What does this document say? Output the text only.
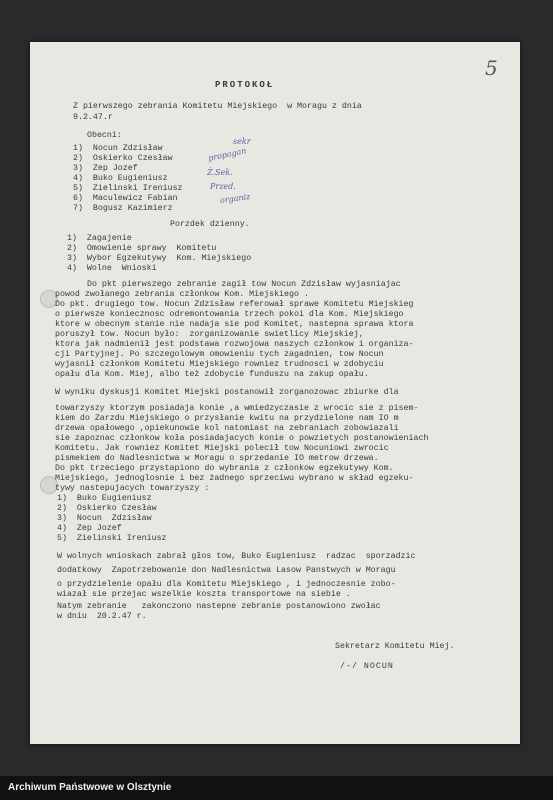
5
PROTOKOŁ
Z pierwszego zebrania Komitetu Miejskiego  w Moragu z dnia
9.2.47.r
Obecni:
1)  Nocun Zdzisław
2)  Oskierko Czesław
3)  Zep Jozef
4)  Buko Eugieniusz
5)  Zielinski Ireniusz
6)  Maculewicz Fabian
7)  Bogusz Kazimierz
sekr
propagan
Ż.Sek.
Przed.
organiz
Porzdek dzienny.
1)  Zagajenie
2)  Omowienie sprawy  Komitetu
3)  Wybor Egzekutywy  Kom. Miejskiego
4)  Wolne  Wnioski
Do pkt pierwszego zebranie zagił tow Nocun Zdzisław wyjasniajac
powod zwołanego zebrania członkow Kom. Miejskiego .
Do pkt. drugiego tow. Nocun Zdzisław referował sprawe Komitetu Miejskieg
o pierwsze koniecznosc odremontowania trzech pokoi dla Kom. Miejskiego
ktore w obecnym stanie nie nadaja sie pod Komitet, nastepna sprawa ktora
poruszył tow. Nocun było:  zorganizowanie swietlicy Miejskiej,
ktora jak nadmienił jest podstawa rozwojowa naszych członkow i organiza-
cji Partyjnej. Po szczegolowym omowieniu tych zagadnien, tow Nocun
wyjasnił członkom Komitetu Miejskiego rowniez trudnosci w zdobyciu
opału dla Kom. Miej, albo też zdobycie funduszu na zakup opału.
W wyniku dyskusji Komitet Miejski postanowił zorganozowac zbiurke dla
towarzyszy ktorzym posiadaja konie ,a wmiedzyczasie z wrocic sie z pisem-
kiem do Zarzdu Miejskiego o przysłanie kwitu na przydzielone nam IO m
drzewa opałowego ,opiekunowie kol natomiast na zebraniach zobowiazali
sie zapoznac członkow koła posiadajacych konie o powzietych postanowieniach
Komitetu. Jak rowniez Komitet Miejski polecił tow Nocuniowi zwrocic
pismekiem do Nadlesnictwa w Moragu o sprzedanie IO metrow drzewa.
Do pkt trzeciego przystapiono do wybrania z członkow egzekutywy Kom.
Miejskiego, jednoglosnie i bez żadnego sprzeciwu wybrano w skład egzeku-
tywy nastepujacych towarzyszy :
1)  Buko Eugieniusz
2)  Oskierko Czesław
3)  Nocun  Zdzisław
4)  Zep Jozef
5)  Zielinski Ireniusz
W wolnych wnioskach zabrał głos tow, Buko Eugieniusz  radzac  sporzadzic
dodatkowy  Zapotrzebowanie don Nadlesnictwa Lasow Panstwych w Moragu
o przydzielenie opału dla Komitetu Miejskiego , i jednoczesnie zobo-
wiazał sie przejac wszelkie koszta transportowe na siebie .
Natym zebranie   zakonczono nastepne zebranie postanowiono zwołac
w dniu  20.2.47 r.
Sekretarz Komitetu Miej.
/-/ NOCUN
Archiwum Państwowe w Olsztynie
